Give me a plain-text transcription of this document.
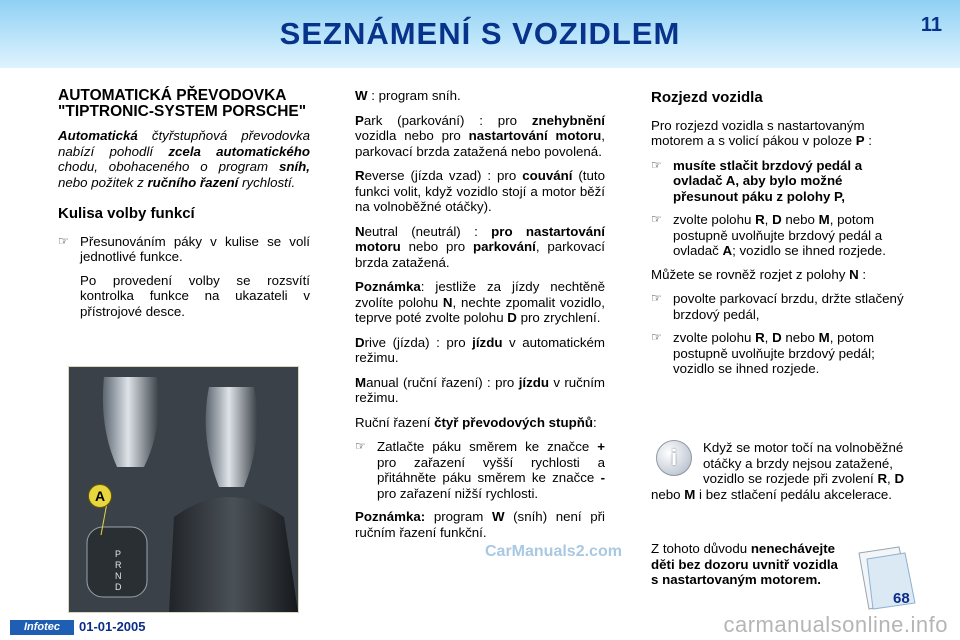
SEZNÁMENÍ S VOZIDLEM	11
AUTOMATICKÁ PŘEVODOVKA "TIPTRONIC-SYSTEM PORSCHE"

Automatická čtyřstupňová převodovka nabízí pohodlí zcela automatického chodu, obohaceného o program sníh, nebo požitek z ručního řazení rychlostí.

Kulisa volby funkcí
☞ Přesunováním páky v kulise se volí jednotlivé funkce.

Po provedení volby se rozsvítí kontrolka funkce na ukazateli v přístrojové desce.

P
R
N
D
A

W : program sníh.

Park (parkování) : pro znehybnění vozidla nebo pro nastartování motoru, parkovací brzda zatažená nebo povolená.

Reverse (jízda vzad) : pro couvání (tuto funkci volit, když vozidlo stojí a motor běží na volnoběžné otáčky).

Neutral (neutrál) : pro nastartování motoru nebo pro parkování, parkovací brzda zatažená.

Poznámka: jestliže za jízdy nechtěně zvolíte polohu N, nechte zpomalit vozidlo, teprve poté zvolte polohu D pro zrychlení.

Drive (jízda) : pro jízdu v automatickém režimu.

Manual (ruční řazení) : pro jízdu v ručním režimu.

Ruční řazení čtyř převodových stupňů:

☞ Zatlačte páku směrem ke značce + pro zařazení vyšší rychlosti a přitáhněte páku směrem ke značce - pro zařazení nižší rychlosti.

Poznámka: program W (sníh) není při ručním řazení funkční.

Rozjezd vozidla

Pro rozjezd vozidla s nastartovaným motorem a s volicí pákou v poloze P :

☞ musíte stlačit brzdový pedál a ovladač A, aby bylo možné přesunout páku z polohy P,
☞ zvolte polohu R, D nebo M, potom postupně uvolňujte brzdový pedál a ovladač A; vozidlo se ihned rozjede.

Můžete se rovněž rozjet z polohy N :

☞ povolte parkovací brzdu, držte stlačený brzdový pedál,
☞ zvolte polohu R, D nebo M, potom postupně uvolňujte brzdový pedál; vozidlo se ihned rozjede.
i	Když se motor točí na volnoběžné otáčky a brzdy nejsou zatažené, vozidlo se rozjede při zvolení R, D nebo M i bez stlačení pedálu akcelerace.
Z tohoto důvodu nenechávejte děti bez dozoru uvnitř vozidla s nastartovaným motorem.
68
CarManuals2.com
Infotec	01-01-2005	carmanualsonline.info
